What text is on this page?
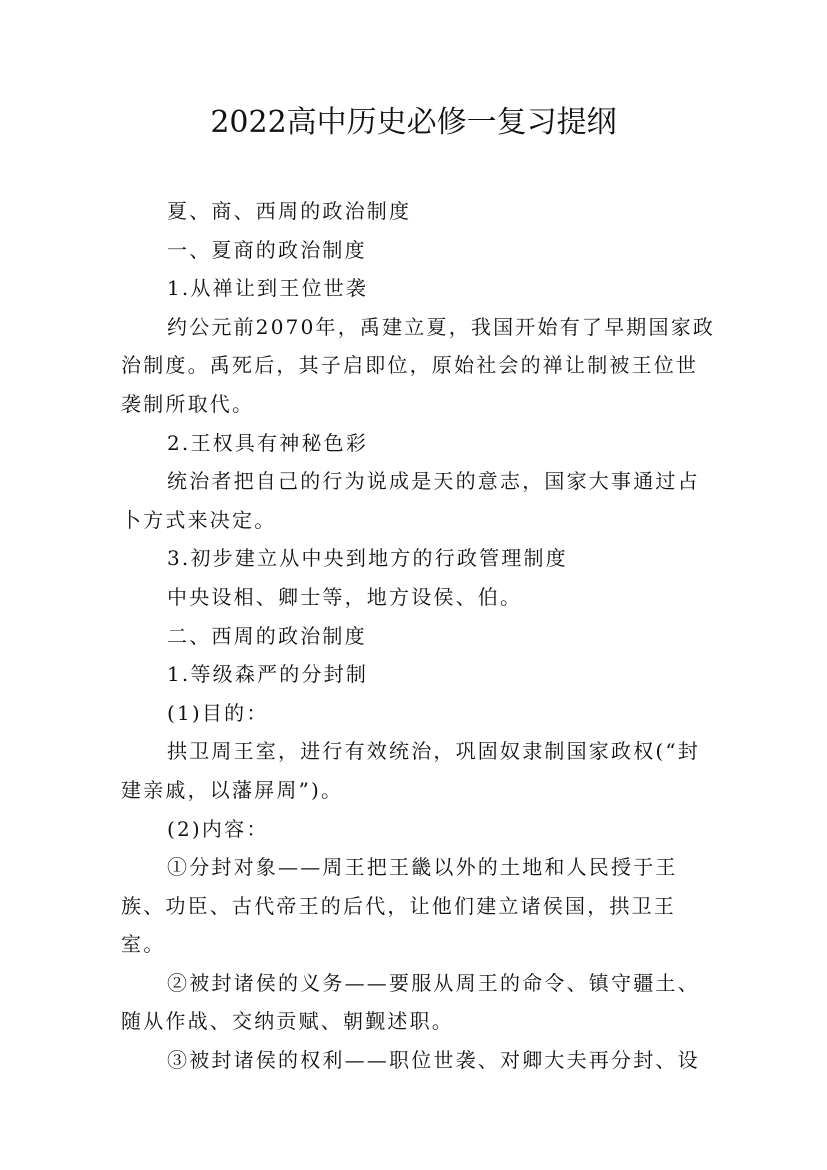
2022高中历史必修一复习提纲

夏、商、西周的政治制度

一、夏商的政治制度

1.从禅让到王位世袭

约公元前2070年，禹建立夏，我国开始有了早期国家政治制度。禹死后，其子启即位，原始社会的禅让制被王位世袭制所取代。

2.王权具有神秘色彩

统治者把自己的行为说成是天的意志，国家大事通过占卜方式来决定。

3.初步建立从中央到地方的行政管理制度

中央设相、卿士等，地方设侯、伯。

二、西周的政治制度

1.等级森严的分封制

(1)目的：

拱卫周王室，进行有效统治，巩固奴隶制国家政权(“封建亲戚，以藩屏周”)。

(2)内容：

①分封对象——周王把王畿以外的土地和人民授于王族、功臣、古代帝王的后代，让他们建立诸侯国，拱卫王室。

②被封诸侯的义务——要服从周王的命令、镇守疆土、随从作战、交纳贡赋、朝觐述职。

③被封诸侯的权利——职位世袭、对卿大夫再分封、设
